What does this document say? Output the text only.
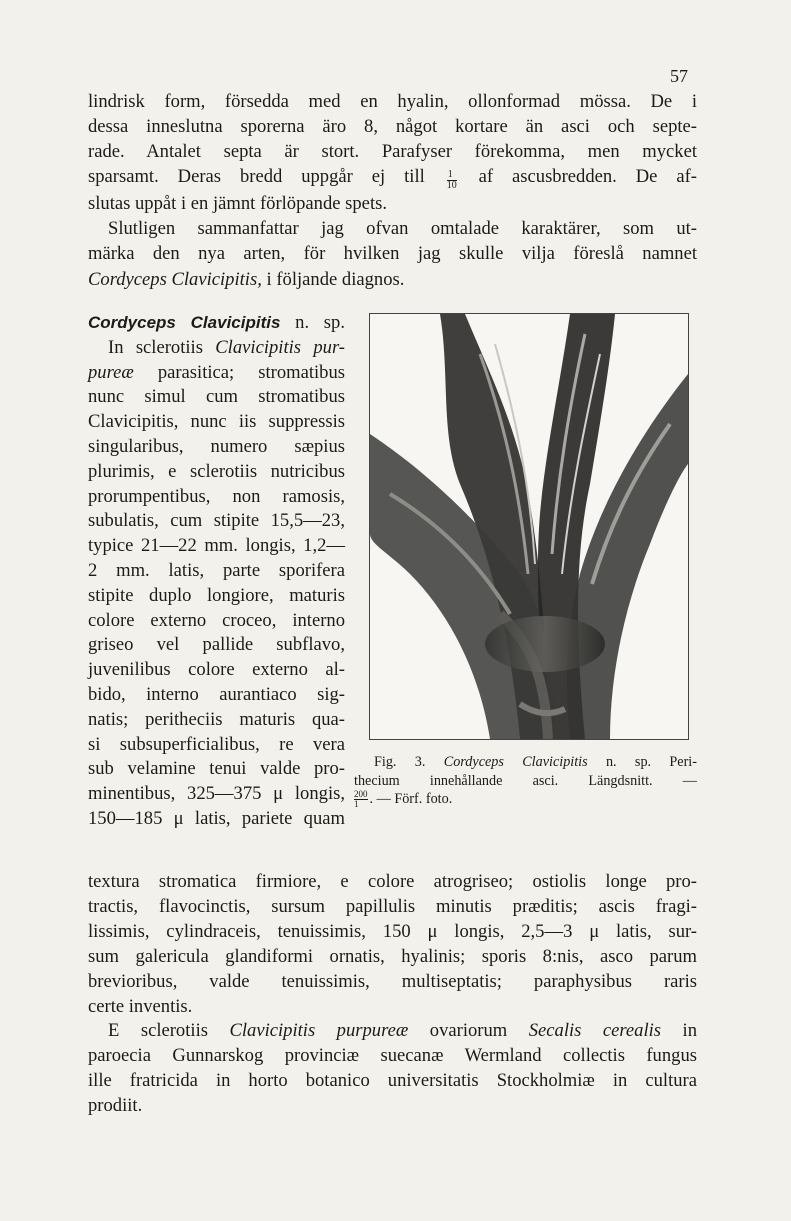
57
lindrisk form, försedda med en hyalin, ollonformad mössa. De i
dessa inneslutna sporerna äro 8, något kortare än asci och septe-
rade. Antalet septa är stort. Parafyser förekomma, men mycket
sparsamt. Deras bredd uppgår ej till $\frac{1}{10}$ af ascusbredden. De af-
slutas uppåt i en jämnt förlöpande spets.
Slutligen sammanfattar jag ofvan omtalade karaktärer, som ut-
märka den nya arten, för hvilken jag skulle vilja föreslå namnet
Cordyceps Clavicipitis, i följande diagnos.
Cordyceps Clavicipitis n. sp.
In sclerotiis Clavicipitis pur-
pureæ parasitica; stromatibus
nunc simul cum stromatibus
Clavicipitis, nunc iis suppressis
singularibus, numero sæpius
plurimis, e sclerotiis nutricibus
prorumpentibus, non ramosis,
subulatis, cum stipite 15,5—23,
typice 21—22 mm. longis, 1,2—
2 mm. latis, parte sporifera
stipite duplo longiore, maturis
colore externo croceo, interno
griseo vel pallide subflavo,
juvenilibus colore externo al-
bido, interno aurantiaco sig-
natis; peritheciis maturis qua-
si subsuperficialibus, re vera
sub velamine tenui valde pro-
minentibus, 325—375 μ longis,
150—185 μ latis, pariete quam
Fig. 3. Cordyceps Clavicipitis n. sp. Peri-
thecium innehållande asci. Längdsnitt. —
$\frac{200}{1}$ . — Förf. foto.
textura stromatica firmiore, e colore atrogriseo; ostiolis longe pro-
tractis, flavocinctis, sursum papillulis minutis præditis; ascis fragi-
lissimis, cylindraceis, tenuissimis, 150 μ longis, 2,5—3 μ latis, sur-
sum galericula glandiformi ornatis, hyalinis; sporis 8:nis, asco parum
brevioribus, valde tenuissimis, multiseptatis; paraphysibus raris
certe inventis.
E sclerotiis Clavicipitis purpureæ ovariorum Secalis cerealis in
paroecia Gunnarskog provinciæ suecanæ Wermland collectis fungus
ille fratricida in horto botanico universitatis Stockholmiæ in cultura
prodiit.
